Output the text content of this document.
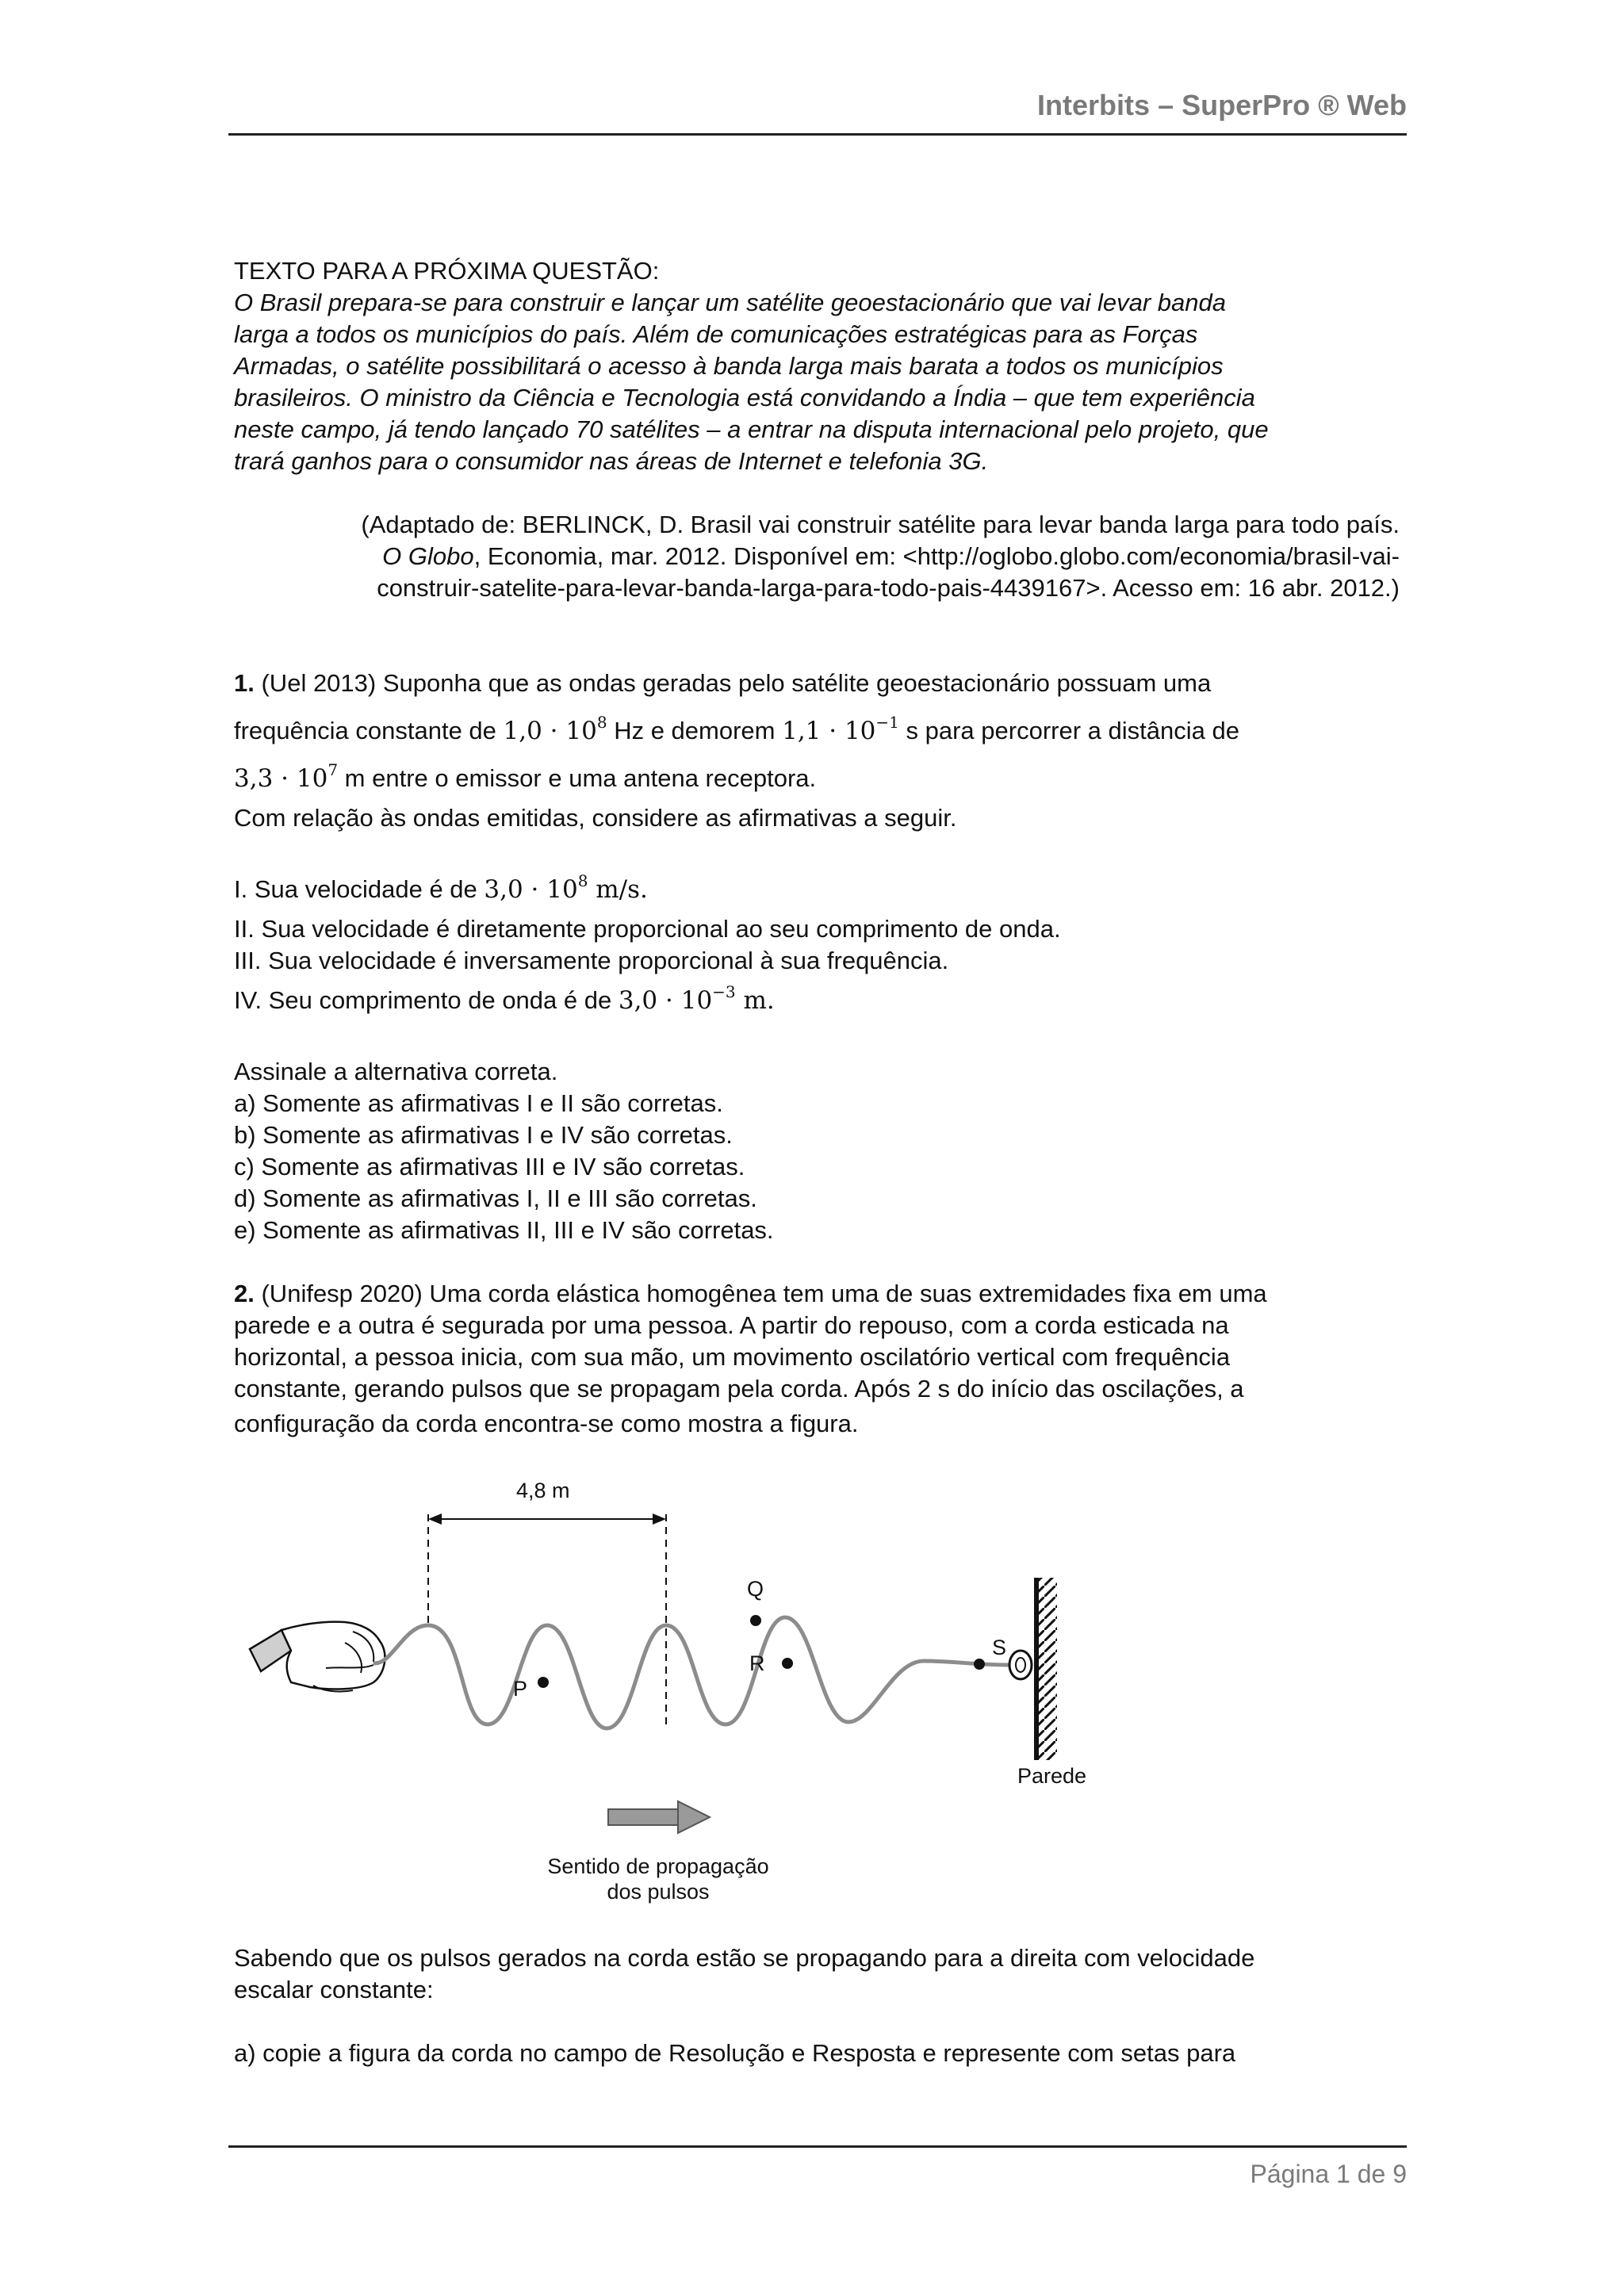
Interbits – SuperPro ® Web

TEXTO PARA A PRÓXIMA QUESTÃO:

O Brasil prepara-se para construir e lançar um satélite geoestacionário que vai levar banda

larga a todos os municípios do país. Além de comunicações estratégicas para as Forças

Armadas, o satélite possibilitará o acesso à banda larga mais barata a todos os municípios

brasileiros. O ministro da Ciência e Tecnologia está convidando a Índia – que tem experiência

neste campo, já tendo lançado 70 satélites – a entrar na disputa internacional pelo projeto, que

trará ganhos para o consumidor nas áreas de Internet e telefonia 3G.

(Adaptado de: BERLINCK, D. Brasil vai construir satélite para levar banda larga para todo país.

O Globo, Economia, mar. 2012. Disponível em: <http://oglobo.globo.com/economia/brasil-vai-

construir-satelite-para-levar-banda-larga-para-todo-pais-4439167>. Acesso em: 16 abr. 2012.)

1. (Uel 2013) Suponha que as ondas geradas pelo satélite geoestacionário possuam uma

frequência constante de $1,0 \cdot 10^8$ Hz e demorem $1,1 \cdot 10^{-1}$ s para percorrer a distância de

$3,3 \cdot 10^7$ m entre o emissor e uma antena receptora.

Com relação às ondas emitidas, considere as afirmativas a seguir.

I. Sua velocidade é de $3,0 \cdot 10^8$ m/s.

II. Sua velocidade é diretamente proporcional ao seu comprimento de onda.

III. Sua velocidade é inversamente proporcional à sua frequência.

IV. Seu comprimento de onda é de $3,0 \cdot 10^{-3}$ m.

Assinale a alternativa correta.

a) Somente as afirmativas I e II são corretas.

b) Somente as afirmativas I e IV são corretas.

c) Somente as afirmativas III e IV são corretas.

d) Somente as afirmativas I, II e III são corretas.

e) Somente as afirmativas II, III e IV são corretas.

2. (Unifesp 2020) Uma corda elástica homogênea tem uma de suas extremidades fixa em uma

parede e a outra é segurada por uma pessoa. A partir do repouso, com a corda esticada na

horizontal, a pessoa inicia, com sua mão, um movimento oscilatório vertical com frequência

constante, gerando pulsos que se propagam pela corda. Após 2 s do início das oscilações, a

configuração da corda encontra-se como mostra a figura.

4,8 m
Q
P
R
S
Parede
Sentido de propagação
dos pulsos

Sabendo que os pulsos gerados na corda estão se propagando para a direita com velocidade

escalar constante:

a) copie a figura da corda no campo de Resolução e Resposta e represente com setas para

Página 1 de 9
